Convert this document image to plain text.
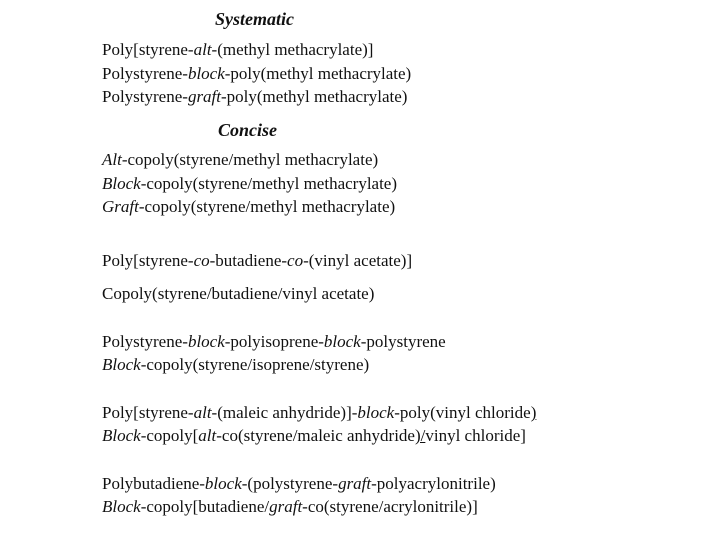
Systematic
Poly[styrene-alt-(methyl methacrylate)]
Polystyrene-block-poly(methyl methacrylate)
Polystyrene-graft-poly(methyl methacrylate)
Concise
Alt-copoly(styrene/methyl methacrylate)
Block-copoly(styrene/methyl methacrylate)
Graft-copoly(styrene/methyl methacrylate)
Poly[styrene-co-butadiene-co-(vinyl acetate)]
Copoly(styrene/butadiene/vinyl acetate)
Polystyrene-block-polyisoprene-block-polystyrene
Block-copoly(styrene/isoprene/styrene)
Poly[styrene-alt-(maleic anhydride)]-block-poly(vinyl chloride)
Block-copoly[alt-co(styrene/maleic anhydride)/vinyl chloride]
Polybutadiene-block-(polystyrene-graft-polyacrylonitrile)
Block-copoly[butadiene/graft-co(styrene/acrylonitrile)]
